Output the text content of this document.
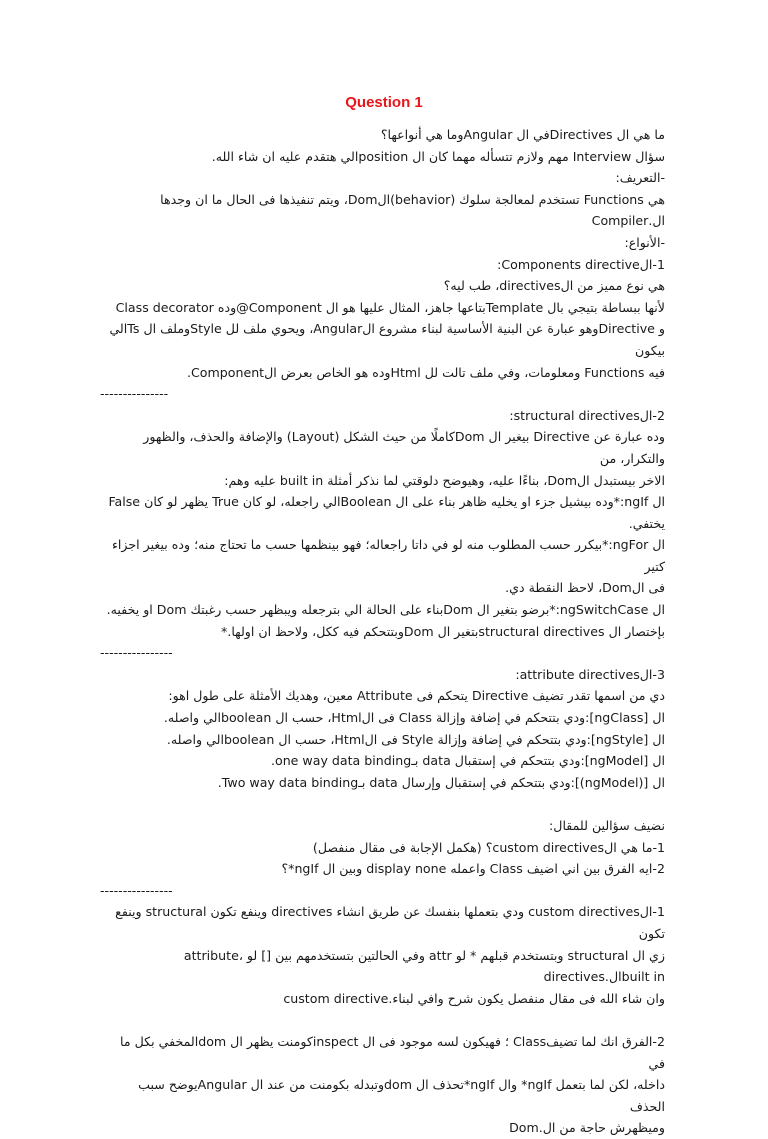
Question 1

ما هي ال Directivesفي ال Angularوما هي أنواعها؟

سؤال Interview مهم ولازم تتسأله مهما كان ال positionالي هتقدم عليه ان شاء الله.

-التعريف:

هي Functions تستخدم لمعالجة سلوك (behavior)الDom، ويتم تنفيذها فى الحال ما ان وجدها ال.Compiler

-الأنواع:

1-الComponents directive:

هي نوع مميز من الdirectives، طب ليه؟

لأنها ببساطة بتيجي بال Templateبتاعها جاهز، المثال عليها هو ال Component@وده Class decorator

و Directiveوهو عبارة عن البنية الأساسية لبناء مشروع الAngular، ويحوي ملف لل Styleوملف ال Tsالي بيكون

فيه Functions ومعلومات، وفي ملف تالت لل Htmlوده هو الخاص بعرض الComponent.

---------------

2-الstructural directives:

وده عبارة عن Directive بيغير ال Domكاملًا من حيث الشكل (Layout) والإضافة والحذف، والظهور والتكرار، من

الاخر بيستبدل الDom، بناءًا عليه، وهيوضح دلوقتي لما نذكر أمثلة built in عليه وهم:

ال ngIf:*وده بيشيل جزء او يخليه ظاهر بناء على ال Booleanالي راجعله، لو كان True يظهر لو كان False يختفي.

ال ngFor:*بيكرر حسب المطلوب منه لو في داتا راجعاله؛ فهو بينظمها حسب ما تحتاج منه؛ وده بيغير اجزاء كتير

فى الDom، لاحظ النقطة دي.

ال ngSwitchCase:*برضو بتغير ال Domبناء على الحالة الي بترجعله ويبظهر حسب رغبتك Dom او يخفيه.

بإختصار ال structural directivesبتغير ال Domوبتتحكم فيه ككل، ولاحظ ان اولها.*

----------------

3-الattribute directives:

دي من اسمها تقدر تضيف Directive يتحكم فى Attribute معين، وهديك الأمثلة على طول اهو:

ال [ngClass]:ودي بتتحكم في إضافة وإزالة Class فى الHtml، حسب ال booleanالي واصله.

ال [ngStyle]:ودي بتتحكم في إضافة وإزالة Style فى الHtml، حسب ال booleanالي واصله.

ال [ngModel]:ودي بتتحكم في إستقبال data بـone way data binding.

ال [(ngModel)]:ودي بتتحكم في إستقبال وإرسال data بـTwo way data binding.

نضيف سؤالين للمقال:

1-ما هي الcustom directives؟ (هكمل الإجابة فى مقال منفصل)

2-ايه الفرق بين اني اضيف Class واعمله display none وبين ال ngIf*؟

----------------

1-الcustom directives ودي بتعملها بنفسك عن طريق انشاء directives وينفع تكون structural وينفع تكون

attribute، وفي الحالتين بتستخدمهم بين [] لو attr وبتستخدم قبلهم * لو structural زي ال directives.الbuilt in

وان شاء الله فى مقال منفصل يكون شرح وافي لبناء.custom directive

2-الفرق انك لما تضيفClass ؛ فهيكون لسه موجود فى ال inspectكومنت يظهر ال domالمخفي بكل ما في

داخله، لكن لما بتعمل ngIf* وال ngIf*تحذف ال domوتبدله بكومنت من عند ال Angularيوضح سبب الحذف

وميظهرش حاجة من ال.Dom
